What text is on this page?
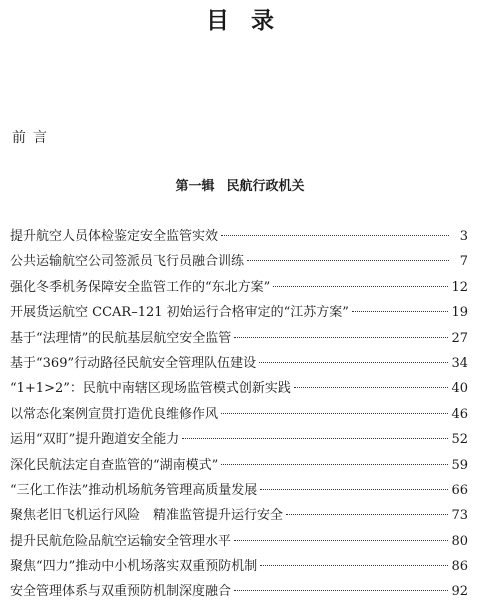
目录
前言
第一辑 民航行政机关
提升航空人员体检鉴定安全监管实效	3
公共运输航空公司签派员飞行员融合训练	7
强化冬季机务保障安全监管工作的“东北方案”	12
开展货运航空 CCAR–121 初始运行合格审定的“江苏方案”	19
基于“法理情”的民航基层航空安全监管	27
基于“369”行动路径民航安全管理队伍建设	34
“1+1>2”：民航中南辖区现场监管模式创新实践	40
以常态化案例宣贯打造优良维修作风	46
运用“双盯”提升跑道安全能力	52
深化民航法定自查监管的“湖南模式”	59
“三化工作法”推动机场航务管理高质量发展	66
聚焦老旧飞机运行风险　精准监管提升运行安全	73
提升民航危险品航空运输安全管理水平	80
聚焦“四力”推动中小机场落实双重预防机制	86
安全管理体系与双重预防机制深度融合	92
